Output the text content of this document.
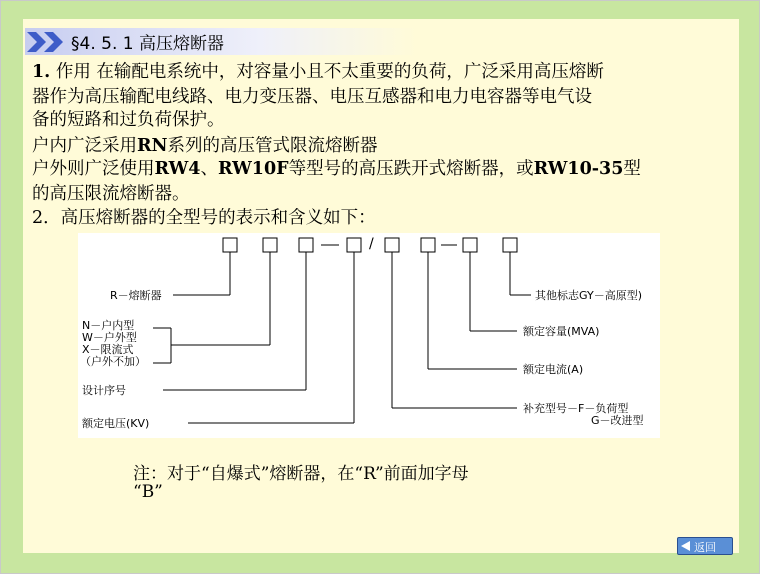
§4. 5. 1 高压熔断器
1. 作用 在输配电系统中，对容量小且不太重要的负荷，广泛采用高压熔断
器作为高压输配电线路、电力变压器、电压互感器和电力电容器等电气设
备的短路和过负荷保护。
户内广泛采用RN系列的高压管式限流熔断器
户外则广泛使用RW4、RW10F等型号的高压跌开式熔断器，或RW10-35型
的高压限流熔断器。
2．高压熔断器的全型号的表示和含义如下：
/
R－熔断器
N－户内型
W－户外型
X－限流式
（户外不加）
设计序号
额定电压(KV)
其他标志GY－高原型)
额定容量(MVA)
额定电流(A)
补充型号－F－负荷型
G－改进型
注：对于“自爆式”熔断器，在“R”前面加字母
“B”
返回
